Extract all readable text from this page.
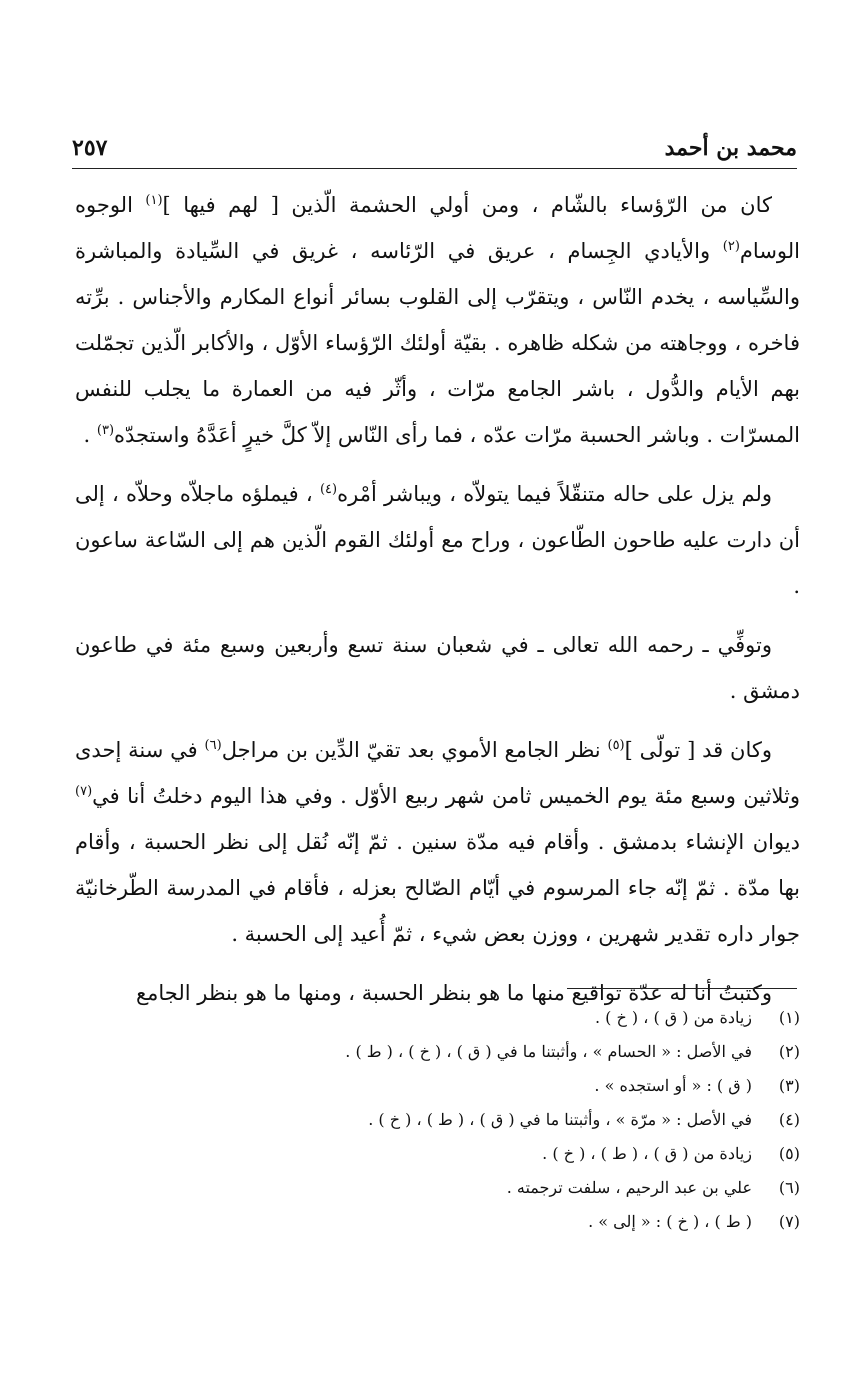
محمد بن أحمد
٢٥٧

كان من الرّؤساء بالشّام ، ومن أولي الحشمة الّذين [ لهم فيها ]$^{(١)}$ الوجوه الوسام$^{(٢)}$ والأيادي الجِسام ، عريق في الرّئاسه ، غريق في السِّيادة والمباشرة والسِّياسه ، يخدم النّاس ، ويتقرّب إلى القلوب بسائر أنواع المكارم والأجناس . برِّته فاخره ، ووجاهته من شكله ظاهره . بقيّة أولئك الرّؤساء الأوّل ، والأكابر الّذين تجمّلت بهم الأيام والدُّول ، باشر الجامع مرّات ، وأثّر فيه من العمارة ما يجلب للنفس المسرّات . وباشر الحسبة مرّات عدّه ، فما رأى النّاس إلاّ كلَّ خيرٍ أعَدَّهُ واستجدّه$^{(٣)}$ .

ولم يزل على حاله متنقّلاً فيما يتولاّه ، ويباشر أمْره$^{(٤)}$ ، فيملؤه ماجلاّه وحلاّه ، إلى أن دارت عليه طاحون الطّاعون ، وراح مع أولئك القوم الّذين هم إلى السّاعة ساعون .

وتوفِّي ـ رحمه الله تعالى ـ في شعبان سنة تسع وأربعين وسبع مئة في طاعون دمشق .

وكان قد [ تولّى ]$^{(٥)}$ نظر الجامع الأموي بعد تقيّ الدِّين بن مراجل$^{(٦)}$ في سنة إحدى وثلاثين وسبع مئة يوم الخميس ثامن شهر ربيع الأوّل . وفي هذا اليوم دخلتُ أنا في$^{(٧)}$ ديوان الإنشاء بدمشق . وأقام فيه مدّة سنين . ثمّ إنّه نُقل إلى نظر الحسبة ، وأقام بها مدّة . ثمّ إنّه جاء المرسوم في أيّام الصّالح بعزله ، فأقام في المدرسة الطّرخانيّة جوار داره تقدير شهرين ، ووزن بعض شيء ، ثمّ أُعيد إلى الحسبة .

وكتبتُ أنا له عدّة تواقيع منها ما هو بنظر الحسبة ، ومنها ما هو بنظر الجامع

(١)
زيادة من ( ق ) ، ( خ ) .
(٢)
في الأصل : « الحسام » ، وأثبتنا ما في ( ق ) ، ( خ ) ، ( ط ) .
(٣)
( ق ) : « أو استجده » .
(٤)
في الأصل : « مرّة » ، وأثبتنا ما في ( ق ) ، ( ط ) ، ( خ ) .
(٥)
زيادة من ( ق ) ، ( ط ) ، ( خ ) .
(٦)
علي بن عبد الرحيم ، سلفت ترجمته .
(٧)
( ط ) ، ( خ ) : « إلى » .
